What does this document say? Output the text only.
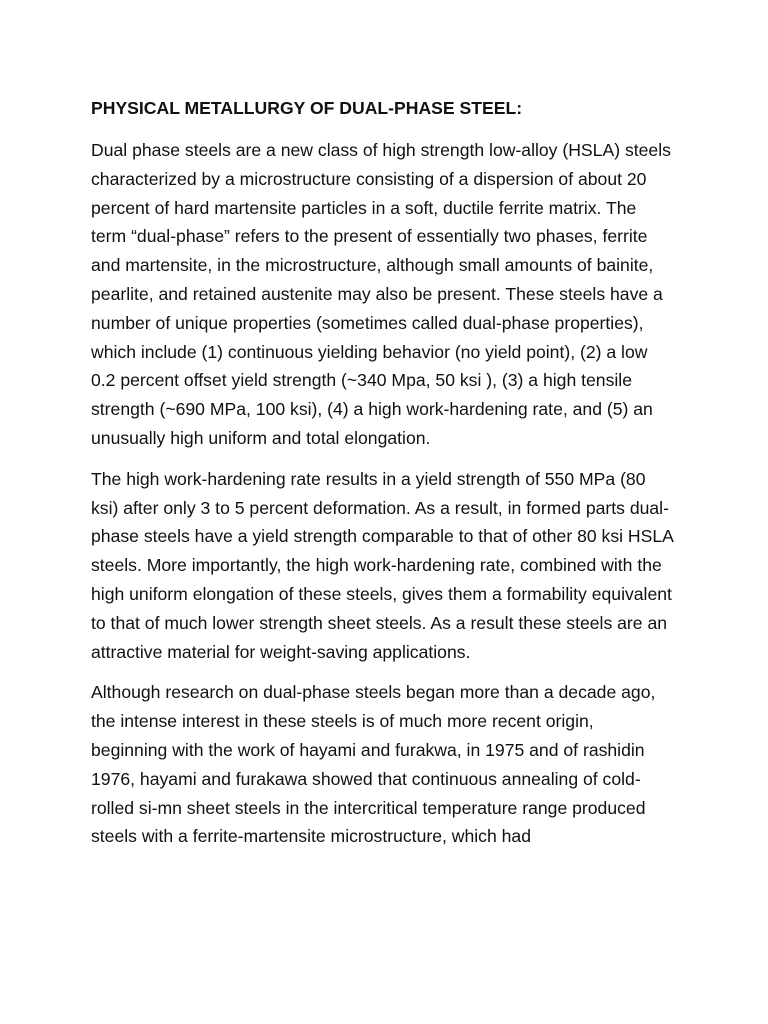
PHYSICAL METALLURGY OF DUAL-PHASE STEEL:

Dual phase steels are a new class of high strength low-alloy (HSLA) steels characterized by a microstructure consisting of a dispersion of about 20 percent of hard martensite particles in a soft, ductile ferrite matrix. The term “dual-phase” refers to the present of essentially two phases, ferrite and martensite, in the microstructure, although small amounts of bainite, pearlite, and retained austenite may also be present. These steels have a number of unique properties (sometimes called dual-phase properties), which include (1) continuous yielding behavior (no yield point), (2) a low 0.2 percent offset yield strength (~340 Mpa, 50 ksi ), (3) a high tensile strength (~690 MPa, 100 ksi), (4) a high work-hardening rate, and (5) an unusually high uniform and total elongation.

The high work-hardening rate results in a yield strength of 550 MPa (80 ksi) after only 3 to 5 percent deformation. As a result, in formed parts dual-phase steels have a yield strength comparable to that of other 80 ksi HSLA steels. More importantly, the high work-hardening rate, combined with the high uniform elongation of these steels, gives them a formability equivalent to that of much lower strength sheet steels. As a result these steels are an attractive material for weight-saving applications.

Although research on dual-phase steels began more than a decade ago, the intense interest in these steels is of much more recent origin, beginning with the work of hayami and furakwa, in 1975 and of rashidin 1976, hayami and furakawa showed that continuous annealing of cold-rolled si-mn sheet steels in the intercritical temperature range produced steels with a ferrite-martensite microstructure, which had
